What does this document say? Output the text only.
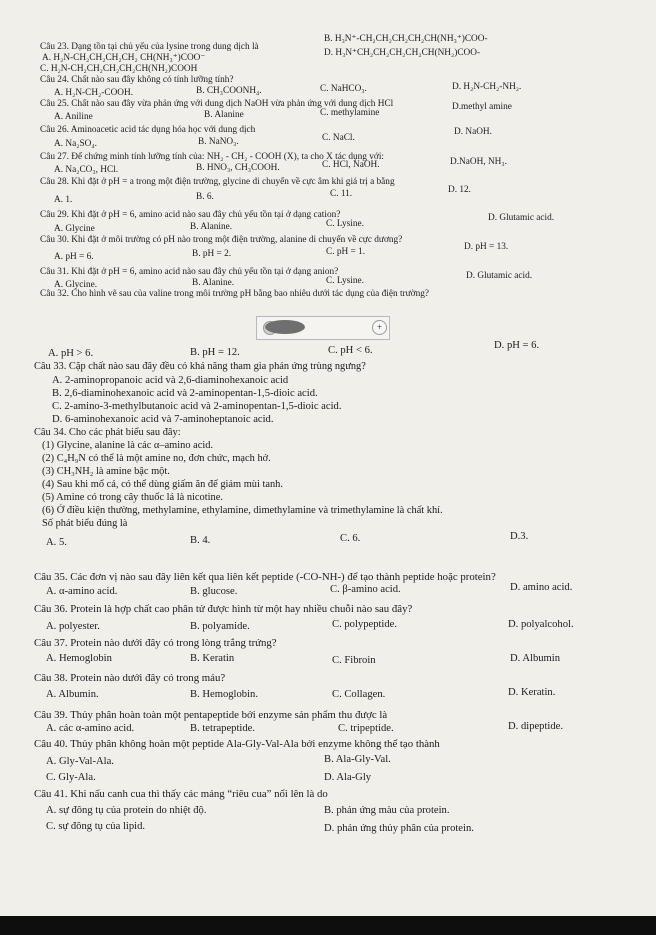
Câu 23. Dạng tồn tại chủ yếu của lysine trong dung dịch là
A. H₂N-CH₂CH₂CH₂CH₂ CH(NH₃⁺)COO⁻
B. H₃N⁺-CH₂CH₂CH₂CH₂CH(NH₃⁺)COO-
C. H₂N-CH₂CH₂CH₂CH₂CH(NH₂)COOH
D. H₃N⁺CH₂CH₂CH₂CH₂CH(NH₂)COO-
Câu 24. Chất nào sau đây không có tính lưỡng tính?
A. H₂N-CH₂-COOH.	B. CH₃COONH₄.	C. NaHCO₃.	D. H₂N-CH₂-NH₂.
Câu 25. Chất nào sau đây vừa phản ứng với dung dịch NaOH vừa phản ứng với dung dịch HCl
A. Aniline	B. Alanine	C. methylamine
D.methyl amine
Câu 26. Aminoacetic acid tác dụng hóa học với dung dịch
A. Na₂SO₄.	B. NaNO₃.	C. NaCl.
D. NaOH.
Câu 27. Để chứng minh tính lưỡng tính của: NH₂ - CH₂ - COOH (X), ta cho X tác dụng với:
A. Na₂CO₃, HCl.	B. HNO₃, CH₃COOH.	C. HCl, NaOH.	D.NaOH, NH₃.
Câu 28. Khi đặt ở pH = a trong một điện trường, glycine di chuyển về cực âm khi giá trị a bằng
A. 1.	B. 6.	C. 11.	D. 12.
Câu 29. Khi đặt ở pH = 6, amino acid nào sau đây chủ yếu tồn tại ở dạng cation?
A. Glycine	B. Alanine.	C. Lysine.
D. Glutamic acid.
Câu 30. Khi đặt ở môi trường có pH nào trong một điện trường, alanine di chuyển về cực dương?
A. pH = 6.	B. pH = 2.	C. pH = 1.	D. pH = 13.
Câu 31. Khi đặt ở pH = 6, amino acid nào sau đây chủ yếu tồn tại ở dạng anion?
A. Glycine.	B. Alanine.	C. Lysine.	D. Glutamic acid.
Câu 32. Cho hình vẽ sau của valine trong môi trường pH bằng bao nhiêu dưới tác dụng của điện trường?
+
A. pH > 6.	B. pH = 12.	C. pH < 6.	D. pH = 6.
Câu 33. Cặp chất nào sau đây đều có khả năng tham gia phản ứng trùng ngưng?
A. 2-aminopropanoic acid và 2,6-diaminohexanoic acid
B. 2,6-diaminohexanoic acid và 2-aminopentan-1,5-dioic acid.
C. 2-amino-3-methylbutanoic acid và 2-aminopentan-1,5-dioic acid.
D. 6-aminohexanoic acid và 7-aminoheptanoic acid.
Câu 34. Cho các phát biểu sau đây:
(1) Glycine, alanine là các α–amino acid.
(2) C₄H₉N có thể là một amine no, đơn chức, mạch hở.
(3) CH₃NH₂ là amine bậc một.
(4) Sau khi mổ cá, có thể dùng giấm ăn để giảm mùi tanh.
(5) Amine có trong cây thuốc lá là nicotine.
(6) Ở điều kiện thường, methylamine, ethylamine, dimethylamine và trimethylamine là chất khí.
Số phát biểu đúng là
A. 5.	B. 4.	C. 6.	D.3.
Câu 35. Các đơn vị nào sau đây liên kết qua liên kết peptide (-CO-NH-) để tạo thành peptide hoặc protein?
A. α-amino acid.	B. glucose.	C. β-amino acid.	D. amino acid.
Câu 36. Protein là hợp chất cao phân tử được hình từ một hay nhiều chuỗi nào sau đây?
A. polyester.	B. polyamide.	C. polypeptide.	D. polyalcohol.
Câu 37. Protein nào dưới đây có trong lòng trắng trứng?
A. Hemoglobin	B. Keratin	C. Fibroin	D. Albumin
Câu 38. Protein nào dưới đây có trong máu?
A. Albumin.	B. Hemoglobin.	C. Collagen.	D. Keratin.
Câu 39. Thủy phân hoàn toàn một pentapeptide bởi enzyme sản phẩm thu được là
A. các α-amino acid.	B. tetrapeptide.	C. tripeptide.	D. dipeptide.
Câu 40. Thủy phân không hoàn một peptide Ala-Gly-Val-Ala bởi enzyme không thể tạo thành
A. Gly-Val-Ala.	B. Ala-Gly-Val.
C. Gly-Ala.	D. Ala-Gly
Câu 41. Khi nấu canh cua thì thấy các mảng “riêu cua” nổi lên là do
A. sự đông tụ của protein do nhiệt độ.	B. phản ứng màu của protein.
C. sự đông tụ của lipid.	D. phản ứng thủy phân của protein.
